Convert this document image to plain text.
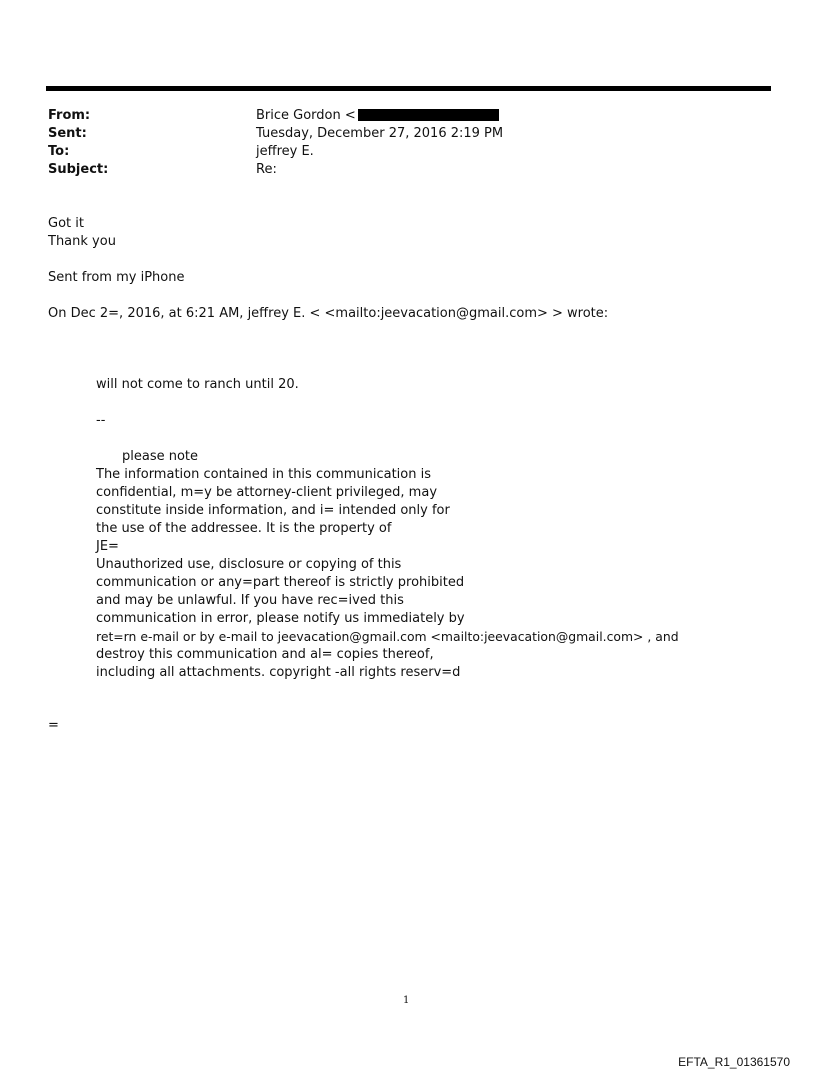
From:	Brice Gordon <
Sent:	Tuesday, December 27, 2016 2:19 PM
To:	jeffrey E.
Subject:	Re:
Got it
Thank you
Sent from my iPhone
On Dec 2=, 2016, at 6:21 AM, jeffrey E. < <mailto:jeevacation@gmail.com> > wrote:
will not come to ranch until 20.
--
please note
The information contained in this communication is
confidential, m=y be attorney-client privileged, may
constitute inside information, and i= intended only for
the use of the addressee. It is the property of
JE=
Unauthorized use, disclosure or copying of this
communication or any=part thereof is strictly prohibited
and may be unlawful. If you have rec=ived this
communication in error, please notify us immediately by
ret=rn e-mail or by e-mail to jeevacation@gmail.com <mailto:jeevacation@gmail.com> , and
destroy this communication and al= copies thereof,
including all attachments. copyright -all rights reserv=d
=
1
EFTA_R1_01361570
